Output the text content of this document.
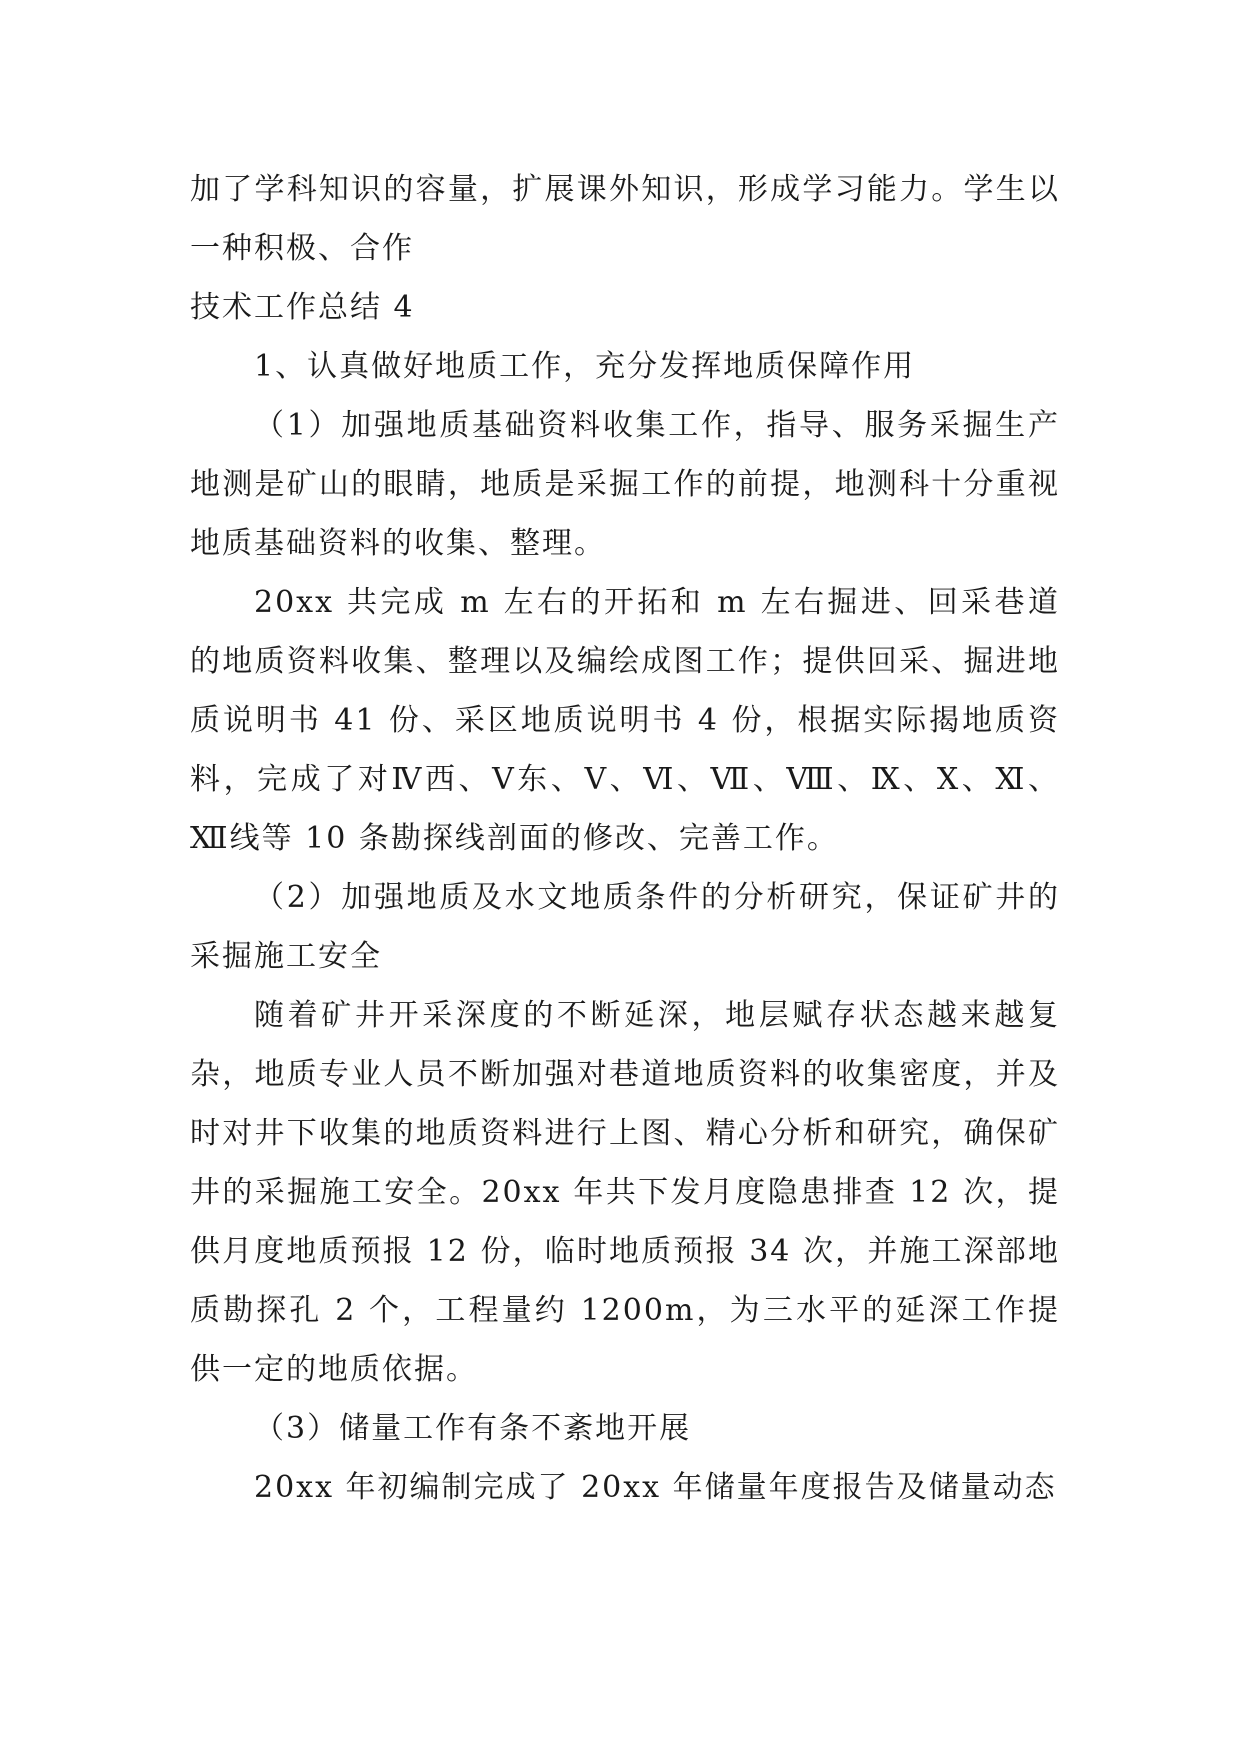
加了学科知识的容量，扩展课外知识，形成学习能力。学生以一种积极、合作

技术工作总结 4

1、认真做好地质工作，充分发挥地质保障作用

（1）加强地质基础资料收集工作，指导、服务采掘生产地测是矿山的眼睛，地质是采掘工作的前提，地测科十分重视地质基础资料的收集、整理。

20xx 共完成 m 左右的开拓和 m 左右掘进、回采巷道的地质资料收集、整理以及编绘成图工作；提供回采、掘进地质说明书 41 份、采区地质说明书 4 份，根据实际揭地质资料，完成了对Ⅳ西、Ⅴ东、Ⅴ、Ⅵ、Ⅶ、Ⅷ、Ⅸ、Ⅹ、Ⅺ、Ⅻ线等 10 条勘探线剖面的修改、完善工作。

（2）加强地质及水文地质条件的分析研究，保证矿井的采掘施工安全

随着矿井开采深度的不断延深，地层赋存状态越来越复杂，地质专业人员不断加强对巷道地质资料的收集密度，并及时对井下收集的地质资料进行上图、精心分析和研究，确保矿井的采掘施工安全。20xx 年共下发月度隐患排查 12 次，提供月度地质预报 12 份，临时地质预报 34 次，并施工深部地质勘探孔 2 个，工程量约 1200m，为三水平的延深工作提供一定的地质依据。

（3）储量工作有条不紊地开展

20xx 年初编制完成了 20xx 年储量年度报告及储量动态
